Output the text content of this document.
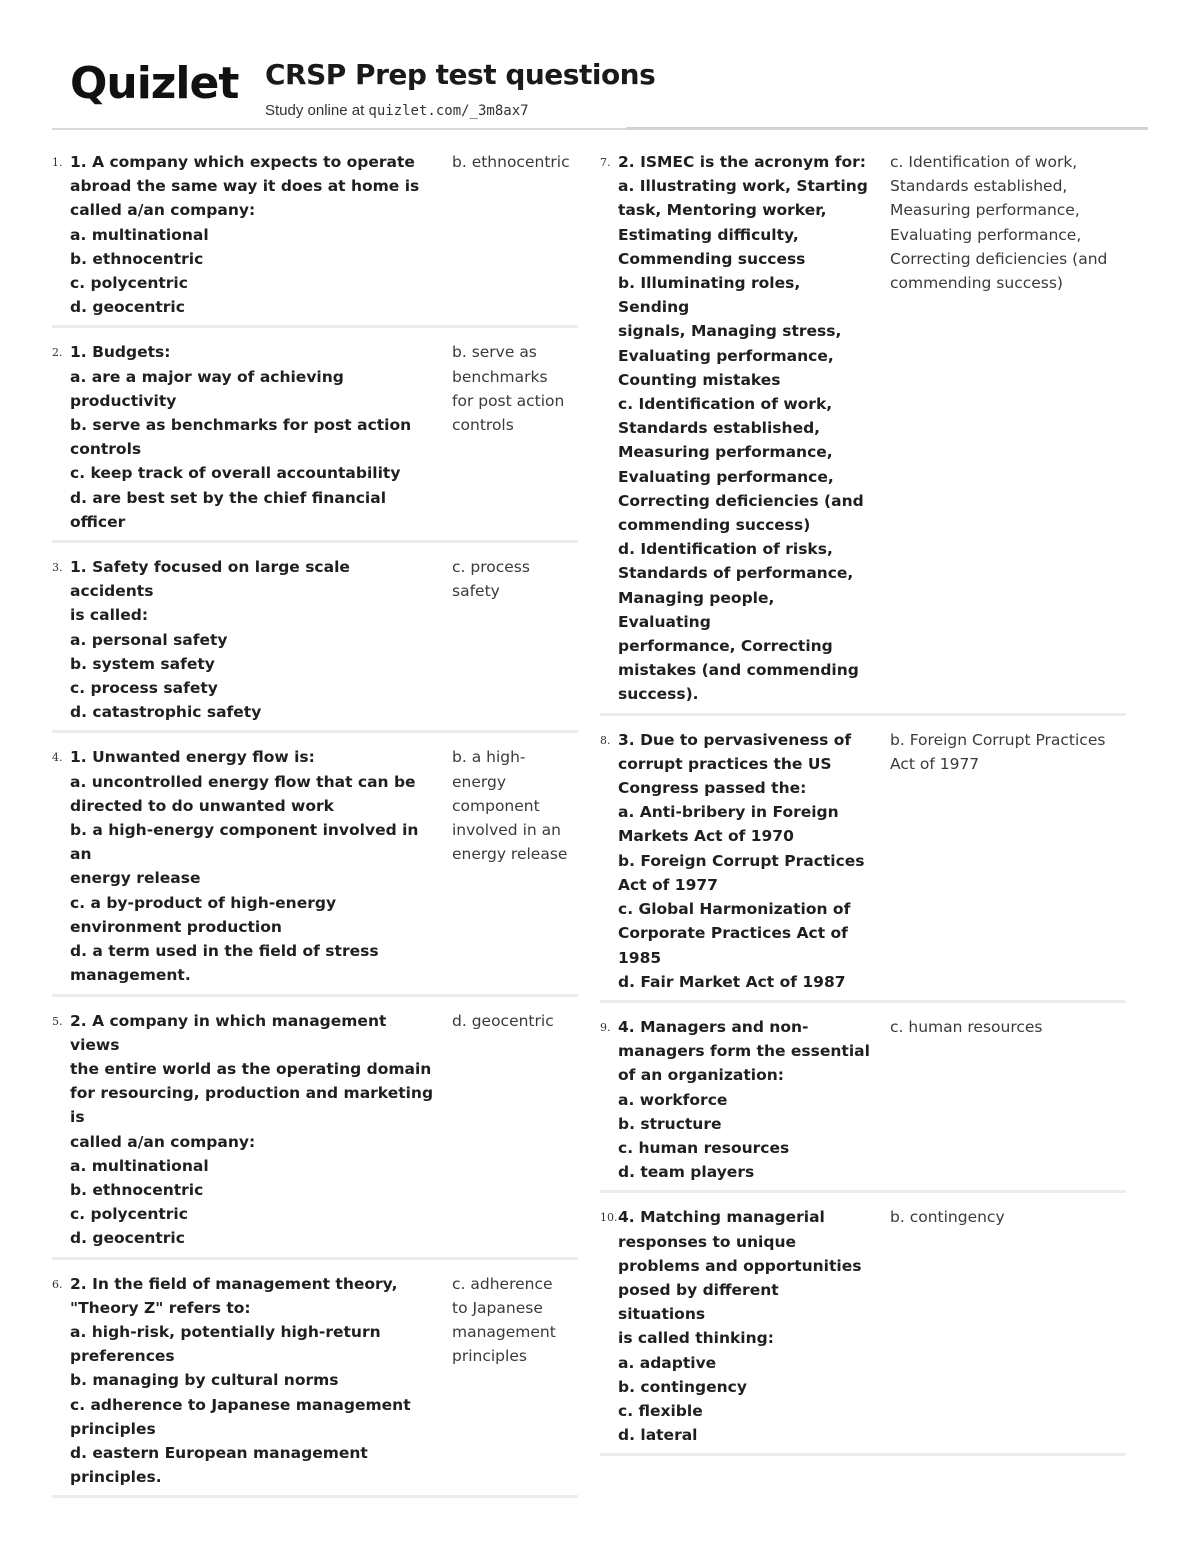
Quizlet CRSP Prep test questions
Study online at quizlet.com/_3m8ax7
1. 1. A company which expects to operate
abroad the same way it does at home is
called a/an company:
a. multinational
b. ethnocentric
c. polycentric
d. geocentric
b. ethnocentric
2. 1. Budgets:
a. are a major way of achieving
productivity
b. serve as benchmarks for post action
controls
c. keep track of overall accountability
d. are best set by the chief financial officer
b. serve as
benchmarks
for post action
controls
3. 1. Safety focused on large scale accidents
is called:
a. personal safety
b. system safety
c. process safety
d. catastrophic safety
c. process
safety
4. 1. Unwanted energy flow is:
a. uncontrolled energy flow that can be
directed to do unwanted work
b. a high-energy component involved in an
energy release
c. a by-product of high-energy
environment production
d. a term used in the field of stress
management.
b. a high-
energy
component
involved in an
energy release
5. 2. A company in which management views
the entire world as the operating domain
for resourcing, production and marketing is
called a/an company:
a. multinational
b. ethnocentric
c. polycentric
d. geocentric
d. geocentric
6. 2. In the field of management theory,
"Theory Z" refers to:
a. high-risk, potentially high-return
preferences
b. managing by cultural norms
c. adherence to Japanese management
principles
d. eastern European management
principles.
c. adherence
to Japanese
management
principles
7. 2. ISMEC is the acronym for:
a. Illustrating work, Starting
task, Mentoring worker,
Estimating difficulty,
Commending success
b. Illuminating roles, Sending
signals, Managing stress,
Evaluating performance,
Counting mistakes
c. Identification of work,
Standards established,
Measuring performance,
Evaluating performance,
Correcting deficiencies (and
commending success)
d. Identification of risks,
Standards of performance,
Managing people, Evaluating
performance, Correcting
mistakes (and commending
success).
c. Identification of work,
Standards established,
Measuring performance,
Evaluating performance,
Correcting deficiencies (and
commending success)
8. 3. Due to pervasiveness of
corrupt practices the US
Congress passed the:
a. Anti-bribery in Foreign
Markets Act of 1970
b. Foreign Corrupt Practices
Act of 1977
c. Global Harmonization of
Corporate Practices Act of
1985
d. Fair Market Act of 1987
b. Foreign Corrupt Practices
Act of 1977
9. 4. Managers and non-
managers form the essential
of an organization:
a. workforce
b. structure
c. human resources
d. team players
c. human resources
10. 4. Matching managerial
responses to unique
problems and opportunities
posed by different situations
is called thinking:
a. adaptive
b. contingency
c. flexible
d. lateral
b. contingency
